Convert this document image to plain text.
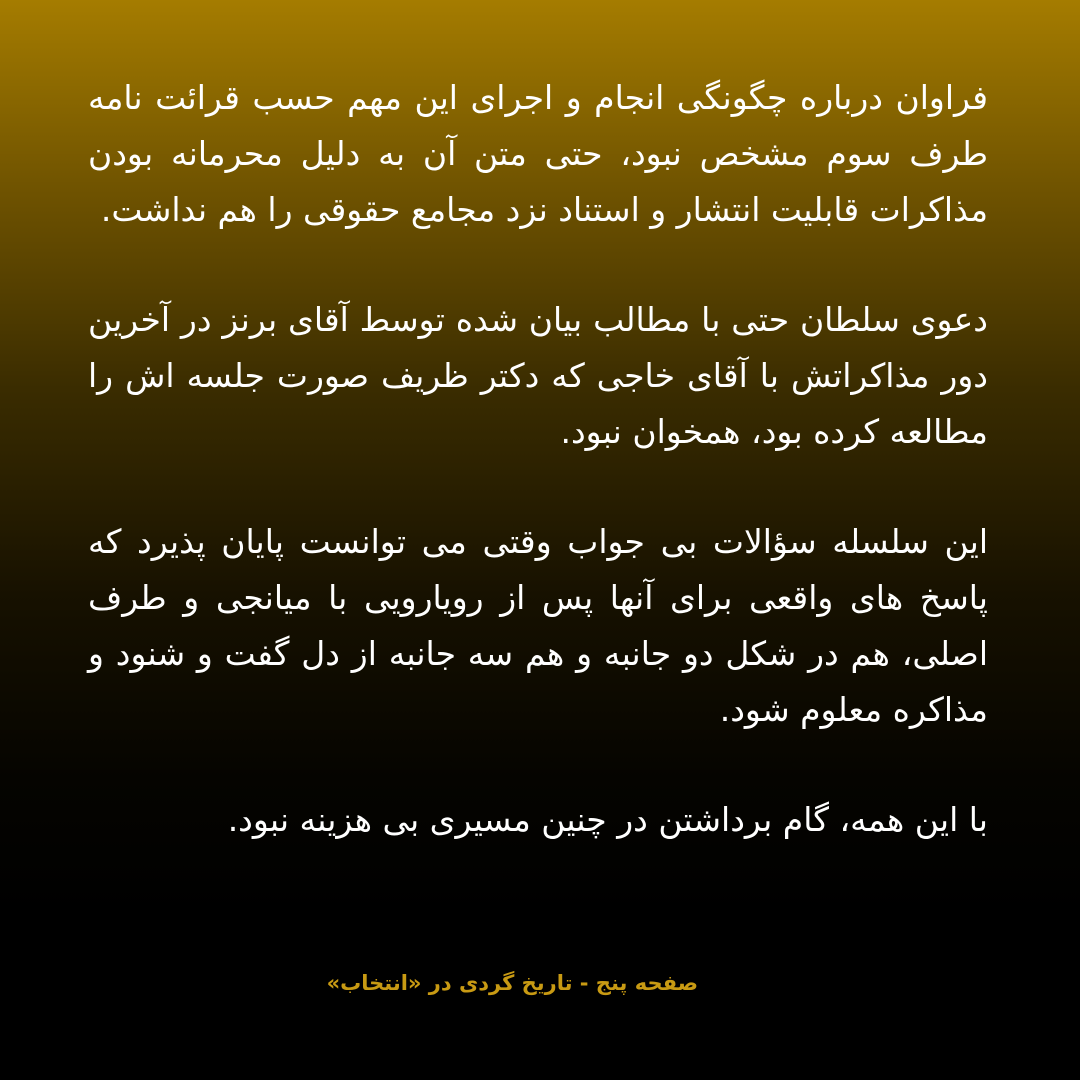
فراوان درباره چگونگی انجام و اجرای این مهم حسب قرائت نامه طرف سوم مشخص نبود، حتی متن آن به دلیل محرمانه بودن مذاکرات قابلیت انتشار و استناد نزد مجامع حقوقی را هم نداشت.

دعوی سلطان حتی با مطالب بیان شده توسط آقای برنز در آخرین دور مذاکراتش با آقای خاجی که دکتر ظریف صورت جلسه اش را مطالعه کرده بود، همخوان نبود.

این سلسله سؤالات بی جواب وقتی می توانست پایان پذیرد که پاسخ های واقعی برای آنها پس از رویارویی با میانجی و طرف اصلی، هم در شکل دو جانبه و هم سه جانبه از دل گفت و شنود و مذاکره معلوم شود.

با این همه، گام برداشتن در چنین مسیری بی هزینه نبود.

صفحه پنج - تاریخ گردی در «انتخاب»
